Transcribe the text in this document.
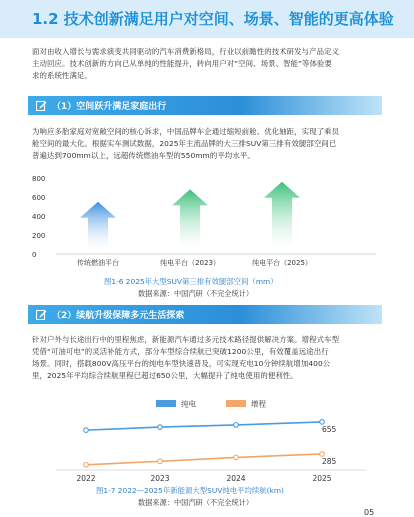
1.2 技术创新满足用户对空间、场景、智能的更高体验
面对由收入增长与需求演变共同驱动的汽车消费新格局，行业以前瞻性的技术研发与产品定义
主动回应。技术创新的方向已从单纯的性能提升，转向用户对“空间、场景、智能”等体验要
求的系统性满足。
（1）空间跃升满足家庭出行
为响应多胎家庭对宽敞空间的核心诉求，中国品牌车企通过缩短前舱、优化轴距，实现了乘员
舱空间的最大化。根据实车测试数据，2025年主流品牌的大三排SUV第三排有效腿部空间已
普遍达到700mm以上，远超传统燃油车型的550mm的平均水平。
800
600
400
200
0
传统燃油平台	纯电平台（2023）	纯电平台（2025）
图1-6 2025年大型SUV第三排有效腿部空间（mm）
数据来源：中国汽研（不完全统计）
（2）续航升级保障多元生活探索
针对户外与长途出行中的里程焦虑，新能源汽车通过多元技术路径提供解决方案。增程式车型
凭借“可油可电”的灵活补能方式，部分车型综合续航已突破1200公里，有效覆盖远途出行
场景。同时，搭载800V高压平台的纯电车型快速普及，可实现充电10分钟续航增加400公
里，2025年平均综合续航里程已超过650公里，大幅提升了纯电使用的便利性。
纯电	增程
655
285
2022	2023	2024	2025
图1-7 2022—2025年新能源大型SUV纯电平均续航(km)
数据来源：中国汽研（不完全统计）
05
